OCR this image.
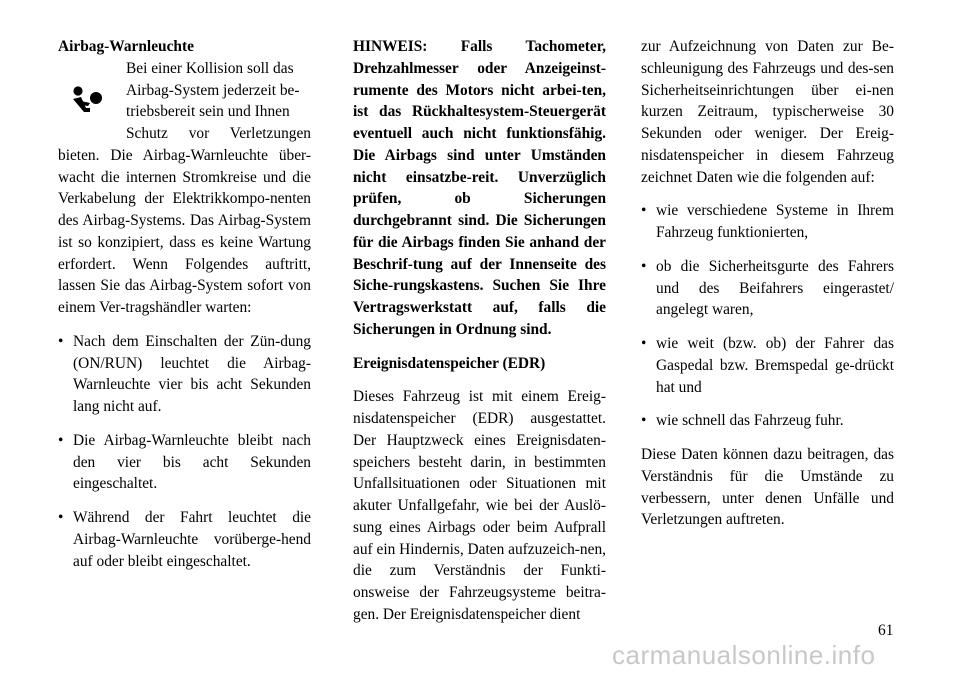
Airbag-Warnleuchte

Bei einer Kollision soll das

Airbag-System jederzeit be-

triebsbereit sein und Ihnen

Schutz vor Verletzungen

bieten. Die Airbag-Warnleuchte über-wacht die internen Stromkreise und die Verkabelung der Elektrikkompo-nenten des Airbag-Systems. Das Airbag-System ist so konzipiert, dass es keine Wartung erfordert. Wenn Folgendes auftritt, lassen Sie das Airbag-System sofort von einem Ver-tragshändler warten:

• Nach dem Einschalten der Zün-dung (ON/RUN) leuchtet die Airbag-Warnleuchte vier bis acht Sekunden lang nicht auf.
• Die Airbag-Warnleuchte bleibt nach den vier bis acht Sekunden eingeschaltet.
• Während der Fahrt leuchtet die Airbag-Warnleuchte vorüberge-hend auf oder bleibt eingeschaltet.

HINWEIS: Falls Tachometer, Drehzahlmesser oder Anzeigeinst-rumente des Motors nicht arbei-ten, ist das Rückhaltesystem-Steuergerät eventuell auch nicht funktionsfähig. Die Airbags sind unter Umständen nicht einsatzbe-reit. Unverzüglich prüfen, ob Sicherungen durchgebrannt sind. Die Sicherungen für die Airbags finden Sie anhand der Beschrif-tung auf der Innenseite des Siche-rungskastens. Suchen Sie Ihre Vertragswerkstatt auf, falls die Sicherungen in Ordnung sind.

Ereignisdatenspeicher (EDR)

Dieses Fahrzeug ist mit einem Ereig-nisdatenspeicher (EDR) ausgestattet. Der Hauptzweck eines Ereignisdaten-speichers besteht darin, in bestimmten Unfallsituationen oder Situationen mit akuter Unfallgefahr, wie bei der Auslö-sung eines Airbags oder beim Aufprall auf ein Hindernis, Daten aufzuzeich-nen, die zum Verständnis der Funkti-onsweise der Fahrzeugsysteme beitra-gen. Der Ereignisdatenspeicher dient

zur Aufzeichnung von Daten zur Be-schleunigung des Fahrzeugs und des-sen Sicherheitseinrichtungen über ei-nen kurzen Zeitraum, typischerweise 30 Sekunden oder weniger. Der Ereig-nisdatenspeicher in diesem Fahrzeug zeichnet Daten wie die folgenden auf:

• wie verschiedene Systeme in Ihrem Fahrzeug funktionierten,
• ob die Sicherheitsgurte des Fahrers und des Beifahrers eingerastet/ angelegt waren,
• wie weit (bzw. ob) der Fahrer das Gaspedal bzw. Bremspedal ge-drückt hat und
• wie schnell das Fahrzeug fuhr.

Diese Daten können dazu beitragen, das Verständnis für die Umstände zu verbessern, unter denen Unfälle und Verletzungen auftreten.

61
carmanualsonline.info
